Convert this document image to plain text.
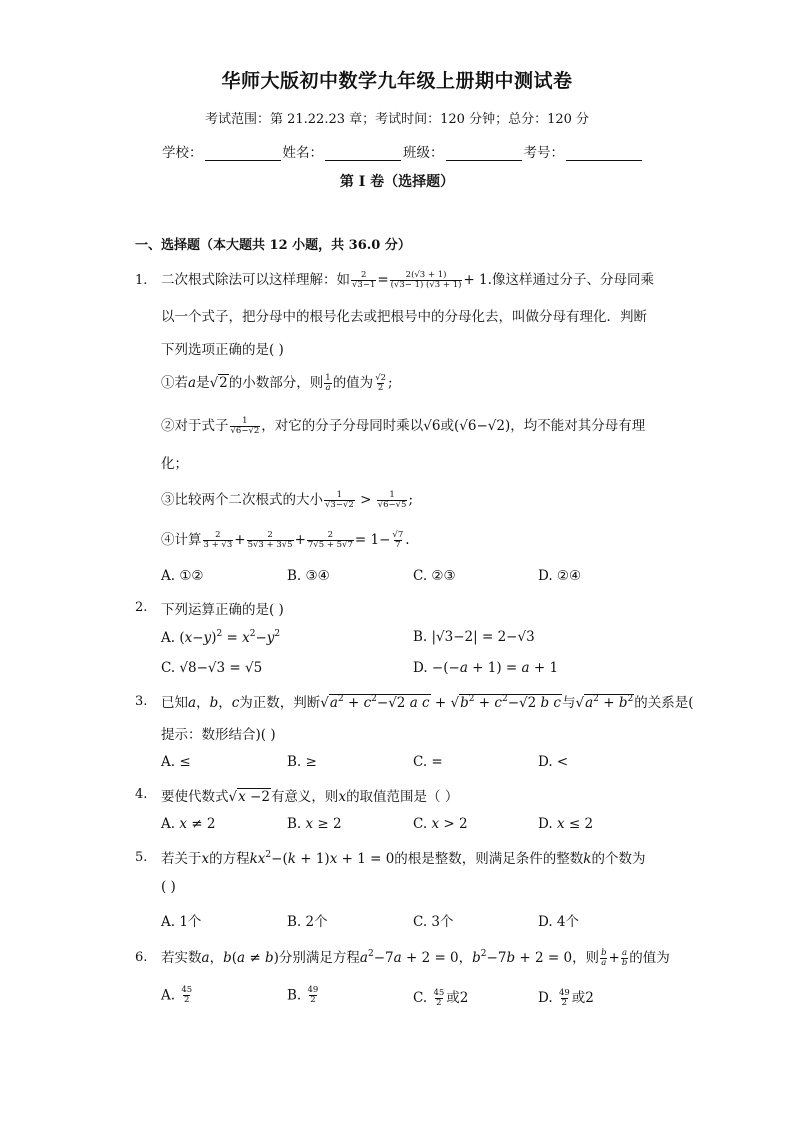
华师大版初中数学九年级上册期中测试卷
考试范围：第 21.22.23 章；考试时间：120 分钟；总分：120 分
学校：	姓名：	班级：	考号：
第 I 卷（选择题）
一、选择题（本大题共 12 小题，共 36.0 分）
1. 二次根式除法可以这样理解：如 $\frac{2}{√3-1} = \frac{2(√3 + 1)}{(√3- 1) (√3 + 1)} + 1$.像这样通过分子、分母同乘
以一个式子，把分母中的根号化去或把根号中的分母化去，叫做分母有理化．判断
下列选项正确的是( )
①若a是√2的小数部分，则 $\frac{1}{a}$ 的值为 $\frac{√2}{2}$ ;
②对于式子 $\frac{1}{√6-√2}$ ，对它的分子分母同时乘以√6或(√6−√2)，均不能对其分母有理
化；
③比较两个二次根式的大小 $\frac{1}{√3-√2} > \frac{1}{√6-√5}$ ;
④计算 $\frac{2}{3 + √3} + \frac{2}{5√3 + 3√5} + \frac{2}{7√5 + 5√7} = 1- \frac{√7}{7}$ .
A. ①②	B. ③④	C. ②③	D. ②④
2. 下列运算正确的是( )
A. $(x-y)^2 = x^2-y^2$	B. |√3−2| = 2−√3
C. √8−√3 = √5	D. −(−a + 1) = a + 1
3. 已知a，b，c为正数，判断$√a^2 + c^2-√2$ a $c + √b^2 + c^2-√2$ b c与$√a^2 + b^2$的关系是(
提示：数形结合)( )
A. ≤	B. ≥	C. =	D. <
4. 要使代数式√x −2有意义，则x的取值范围是（ ）
A. x ≠ 2	B. x ≥ 2	C. x > 2	D. x ≤ 2
5. 若关于x的方程$kx^2-(k + 1)x + 1 = 0$的根是整数，则满足条件的整数k的个数为
( )
A. 1个	B. 2个	C. 3个	D. 4个
6. 若实数a，b(a ≠ b)分别满足方程$a^2-7a + 2 = 0$，$b^2-7b + 2 = 0$，则 $\frac{b}{a} + \frac{a}{b}$ 的值为
A. $\frac{45}{2}$	B. $\frac{49}{2}$	C. $\frac{45}{2}$ 或2	D. $\frac{49}{2}$ 或2
